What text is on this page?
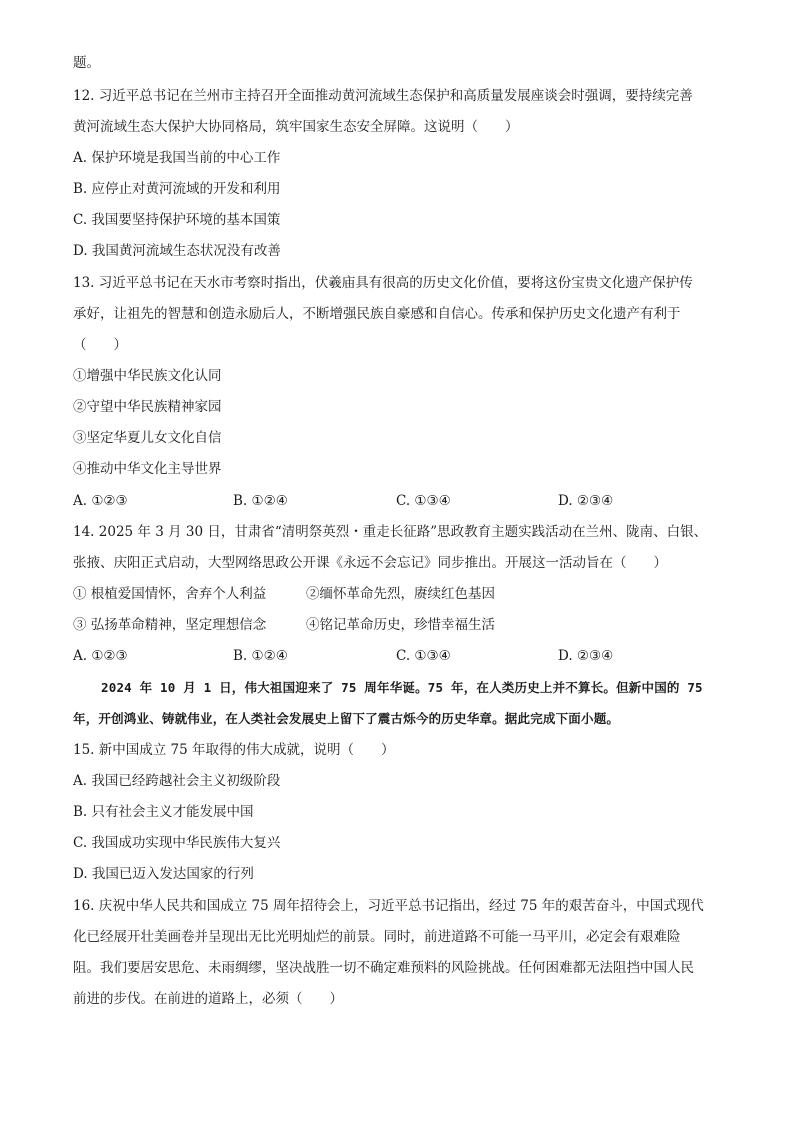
题。
12. 习近平总书记在兰州市主持召开全面推动黄河流域生态保护和高质量发展座谈会时强调，要持续完善
黄河流域生态大保护大协同格局，筑牢国家生态安全屏障。这说明（　　）
A. 保护环境是我国当前的中心工作
B. 应停止对黄河流域的开发和利用
C. 我国要坚持保护环境的基本国策
D. 我国黄河流域生态状况没有改善
13. 习近平总书记在天水市考察时指出，伏羲庙具有很高的历史文化价值，要将这份宝贵文化遗产保护传
承好，让祖先的智慧和创造永励后人，不断增强民族自豪感和自信心。传承和保护历史文化遗产有利于
（　　）
①增强中华民族文化认同
②守望中华民族精神家园
③坚定华夏儿女文化自信
④推动中华文化主导世界
A. ①②③	B. ①②④	C. ①③④	D. ②③④
14. 2025 年 3 月 30 日，甘肃省“清明祭英烈・重走长征路”思政教育主题实践活动在兰州、陇南、白银、
张掖、庆阳正式启动，大型网络思政公开课《永远不会忘记》同步推出。开展这一活动旨在（　　）
① 根植爱国情怀，舍弃个人利益	②缅怀革命先烈，赓续红色基因
③ 弘扬革命精神，坚定理想信念	④铭记革命历史，珍惜幸福生活
A. ①②③	B. ①②④	C. ①③④	D. ②③④
2024 年 10 月 1 日，伟大祖国迎来了 75 周年华诞。75 年，在人类历史上并不算长。但新中国的 75
年，开创鸿业、铸就伟业，在人类社会发展史上留下了震古烁今的历史华章。据此完成下面小题。
15. 新中国成立 75 年取得的伟大成就，说明（　　）
A. 我国已经跨越社会主义初级阶段
B. 只有社会主义才能发展中国
C. 我国成功实现中华民族伟大复兴
D. 我国已迈入发达国家的行列
16. 庆祝中华人民共和国成立 75 周年招待会上，习近平总书记指出，经过 75 年的艰苦奋斗，中国式现代
化已经展开壮美画卷并呈现出无比光明灿烂的前景。同时，前进道路不可能一马平川，必定会有艰难险
阻。我们要居安思危、未雨绸缪，坚决战胜一切不确定难预料的风险挑战。任何困难都无法阻挡中国人民
前进的步伐。在前进的道路上，必须（　　）
